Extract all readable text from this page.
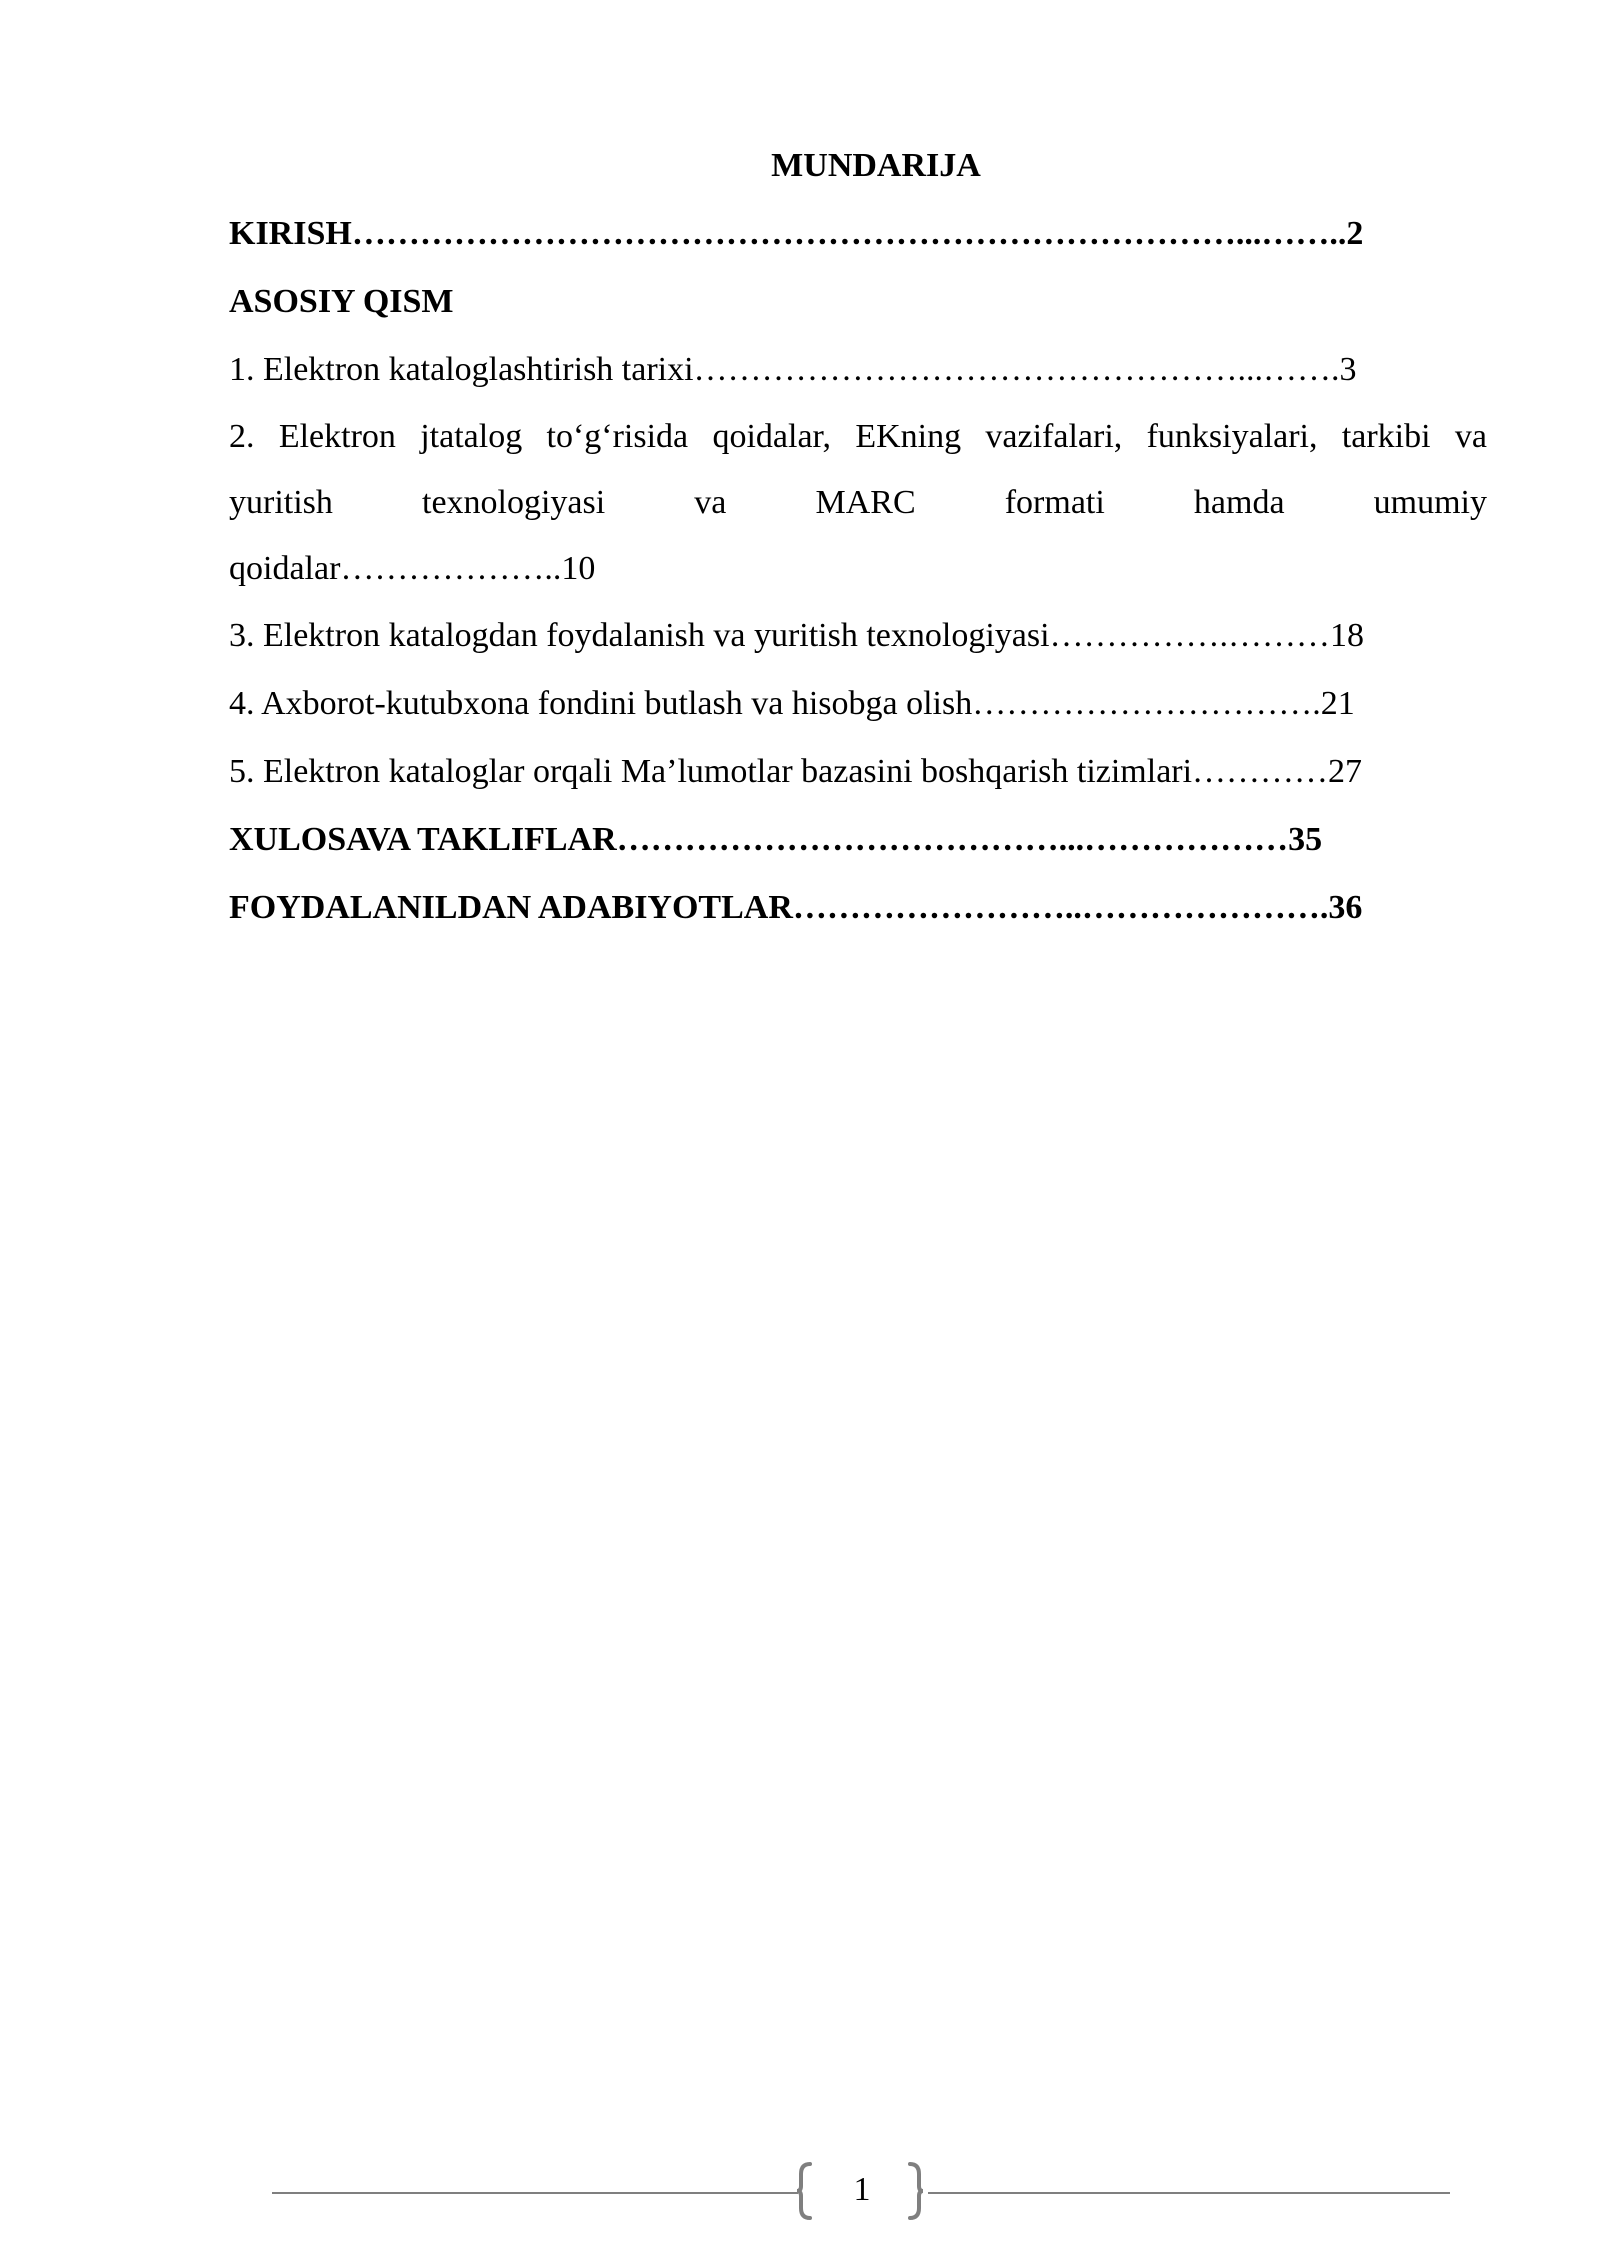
MUNDARIJA
KIRISH……………………………………………………………………...……..2
ASOSIY QISM
1. Elektron kataloglashtirish tarixi…………………………………………...…….3
2. Elektron jtatalog to‘g‘risida qoidalar, EKning vazifalari, funksiyalari, tarkibi va
yuritish texnologiyasi va MARC formati hamda umumiy
qoidalar………………..10
3. Elektron katalogdan foydalanish va yuritish texnologiyasi…………….………18
4. Axborot-kutubxona fondini butlash va hisobga olish………………………….21
5. Elektron kataloglar orqali Ma’lumotlar bazasini boshqarish tizimlari…………27
XULOSAVA TAKLIFLAR…………………………………...………………35
FOYDALANILDAN ADABIYOTLAR……………………..………………….36
1
